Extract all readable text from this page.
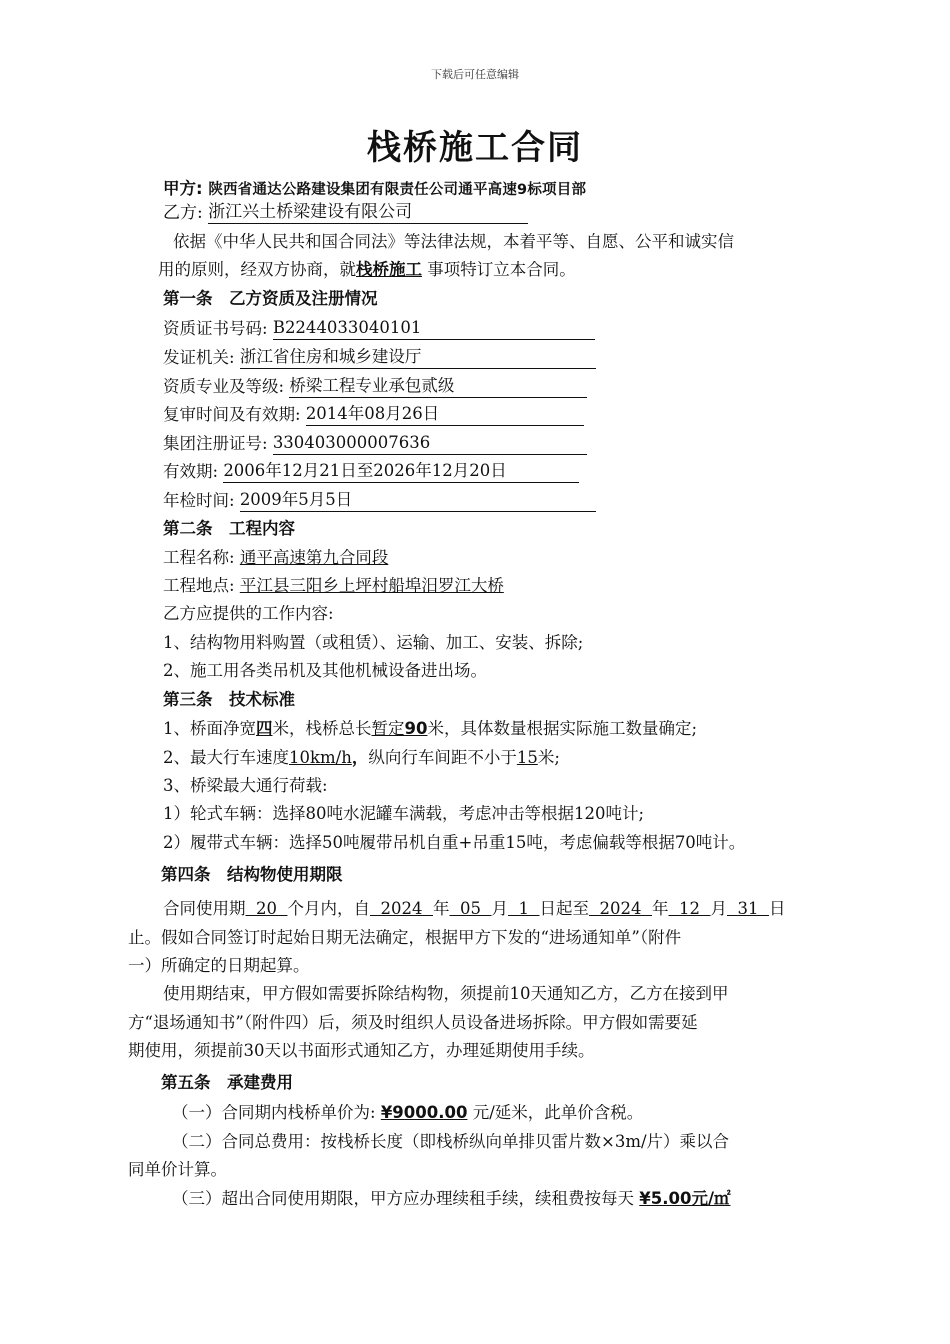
下载后可任意编辑
栈桥施工合同
甲方: 陕西省通达公路建设集团有限责任公司通平高速9标项目部
乙方: 浙江兴土桥梁建设有限公司
依据《中华人民共和国合同法》等法律法规，本着平等、自愿、公平和诚实信
用的原则，经双方协商，就栈桥施工 事项特订立本合同。
第一条　乙方资质及注册情况
资质证书号码: B2244033040101
发证机关: 浙江省住房和城乡建设厅
资质专业及等级: 桥梁工程专业承包贰级
复审时间及有效期: 2014年08月26日
集团注册证号: 330403000007636
有效期: 2006年12月21日至2026年12月20日
年检时间: 2009年5月5日
第二条　工程内容
工程名称: 通平高速第九合同段
工程地点: 平江县三阳乡上坪村船埠汨罗江大桥
乙方应提供的工作内容:
1、结构物用料购置（或租赁）、运输、加工、安装、拆除;
2、施工用各类吊机及其他机械设备进出场。
第三条　技术标准
1、桥面净宽四米，栈桥总长暂定90米，具体数量根据实际施工数量确定;
2、最大行车速度10km/h，纵向行车间距不小于15米;
3、桥梁最大通行荷载:
1）轮式车辆：选择80吨水泥罐车满载，考虑冲击等根据120吨计;
2）履带式车辆：选择50吨履带吊机自重+吊重15吨，考虑偏载等根据70吨计。
第四条　结构物使用期限
合同使用期 20 个月内，自 2024 年 05 月 1 日起至 2024 年 12 月 31 日
止。假如合同签订时起始日期无法确定，根据甲方下发的“进场通知单”（附件
一）所确定的日期起算。
使用期结束，甲方假如需要拆除结构物，须提前10天通知乙方，乙方在接到甲
方“退场通知书”（附件四）后，须及时组织人员设备进场拆除。甲方假如需要延
期使用，须提前30天以书面形式通知乙方，办理延期使用手续。
第五条　承建费用
（一）合同期内栈桥单价为: ¥9000.00 元/延米，此单价含税。
（二）合同总费用：按栈桥长度（即栈桥纵向单排贝雷片数×3m/片）乘以合
同单价计算。
（三）超出合同使用期限，甲方应办理续租手续，续租费按每天 ¥5.00元/㎡
